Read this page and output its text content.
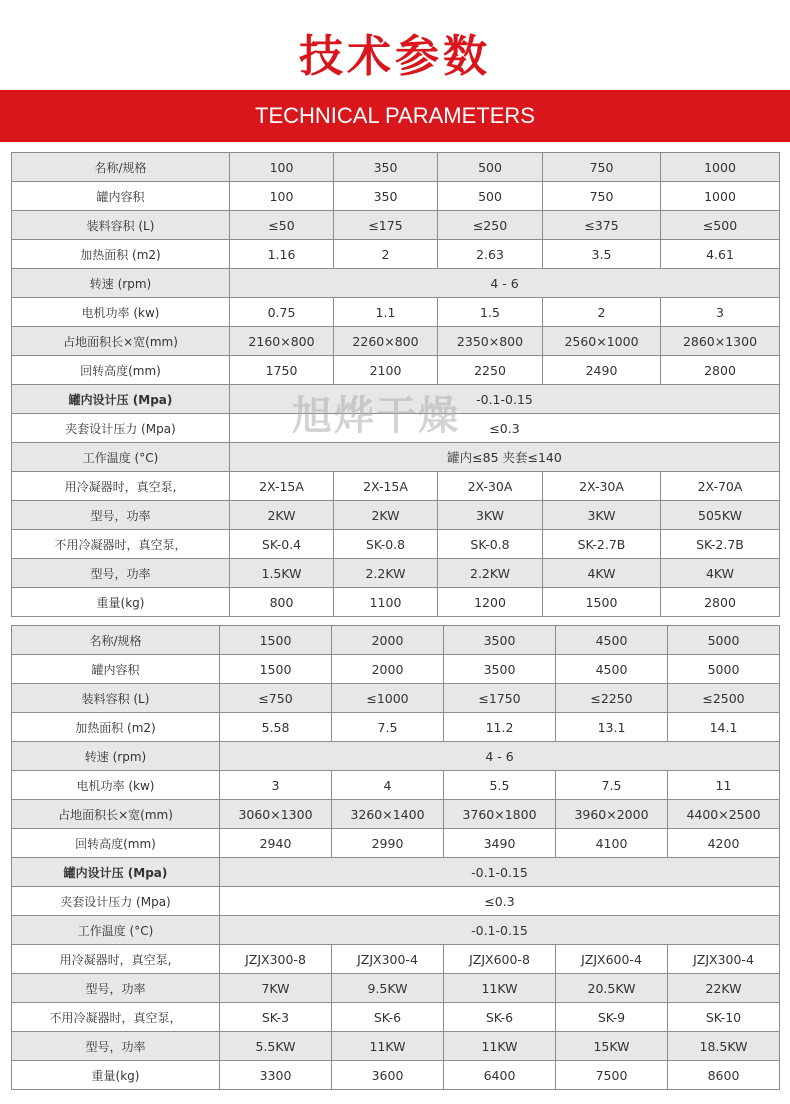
技术参数
TECHNICAL PARAMETERS
名称/规格	100	350	500	750	1000
罐内容积	100	350	500	750	1000
装料容积 (L)	≤50	≤175	≤250	≤375	≤500
加热面积 (m2)	1.16	2	2.63	3.5	4.61
转速 (rpm)	4 - 6				
电机功率 (kw)	0.75	1.1	1.5	2	3
占地面积长×宽(mm)	2160×800	2260×800	2350×800	2560×1000	2860×1300
回转高度(mm)	1750	2100	2250	2490	2800
罐内设计压 (Mpa)	-0.1-0.15				
夹套设计压力 (Mpa)	≤0.3				
工作温度 (°C)	罐内≤85 夹套≤140				
用冷凝器时，真空泵,	2X-15A	2X-15A	2X-30A	2X-30A	2X-70A
型号，功率	2KW	2KW	3KW	3KW	505KW
不用冷凝器时，真空泵，	SK-0.4	SK-0.8	SK-0.8	SK-2.7B	SK-2.7B
型号，功率	1.5KW	2.2KW	2.2KW	4KW	4KW
重量(kg)	800	1100	1200	1500	2800
名称/规格	1500	2000	3500	4500	5000
罐内容积	1500	2000	3500	4500	5000
装料容积 (L)	≤750	≤1000	≤1750	≤2250	≤2500
加热面积 (m2)	5.58	7.5	11.2	13.1	14.1
转速 (rpm)	4 - 6				
电机功率 (kw)	3	4	5.5	7.5	11
占地面积长×宽(mm)	3060×1300	3260×1400	3760×1800	3960×2000	4400×2500
回转高度(mm)	2940	2990	3490	4100	4200
罐内设计压 (Mpa)	-0.1-0.15				
夹套设计压力 (Mpa)	≤0.3				
工作温度 (°C)	-0.1-0.15				
用冷凝器时，真空泵,	JZJX300-8	JZJX300-4	JZJX600-8	JZJX600-4	JZJX300-4
型号，功率	7KW	9.5KW	11KW	20.5KW	22KW
不用冷凝器时，真空泵，	SK-3	SK-6	SK-6	SK-9	SK-10
型号，功率	5.5KW	11KW	11KW	15KW	18.5KW
重量(kg)	3300	3600	6400	7500	8600
旭烨干燥
